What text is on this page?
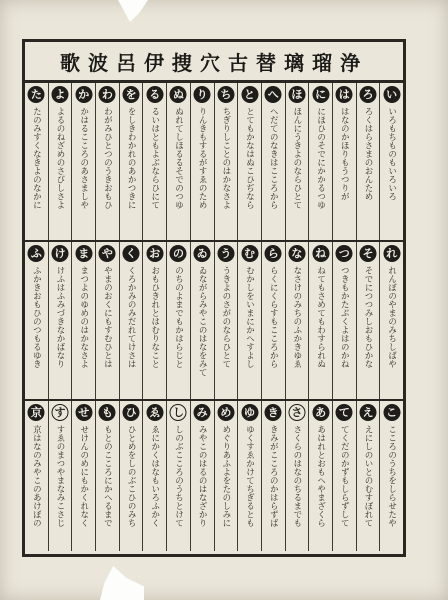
浄瑠璃替古穴捜伊呂波歌
い
いろもちものもいろいろ
ろ
ろくはらさまのおんため
は
はなのかほりもうつりが
に
にほひのそでにかかるつゆ
ほ
ほんにうきよのならひとて
へ
へだてのなきはこころから
と
とてもかなはぬこひぢなら
ち
ちぎりしことのはかなさよ
り
りんきもするがすゑのため
ぬ
ぬれてしほるるそでのつゆ
る
るいはともよぶならひにて
を
をしきわかれのあかつきに
わ
わがみひとつのうきおもひ
か
かはるこころのあさましや
よ
よるのねざめのさびしさよ
た
たのみすくなきよのなかに
れ
れんぼのやまのみちしばや
そ
そでにつつみしおもひかな
つ
つきもかたぶくよはのかね
ね
ねてもさめてもわすられぬ
な
なさけのみちのふかきゆゑ
ら
らくにくらすもこころから
む
むかしをいまにかへすよし
う
うきよのさがのならひとて
ゐ
ゐながらみやこのはなをみて
の
のちのよまでもかはらじと
お
おもひきれとはむりなこと
く
くろかみのみだれてけさは
や
やまのおくにもすむひとは
ま
まつよのゆめのはかなさよ
け
けふはふみづきなかばなり
ふ
ふかきおもひのつもるゆき
こ
こころのうちをしらせたや
え
えにしのいとのむすぼれて
て
てくだのかずもしらずして
あ
あはれとおもへやまざくら
さ
さくらのはなのちるまでも
き
きみがこころのかはらずば
ゆ
ゆくすゑかけてちぎるとも
め
めぐりあふよをたのしみに
み
みやこのはるのはなざかり
し
しのぶこころのうちとけて
ゑ
ゑにかくはなもいろふかく
ひ
ひとめをしのぶこひのみち
も
もとのこころにかへるまで
せ
せけんのめにもかくれなく
す
すゑのまつやまなみこさじ
京
京はなのみやこのあけぼの
